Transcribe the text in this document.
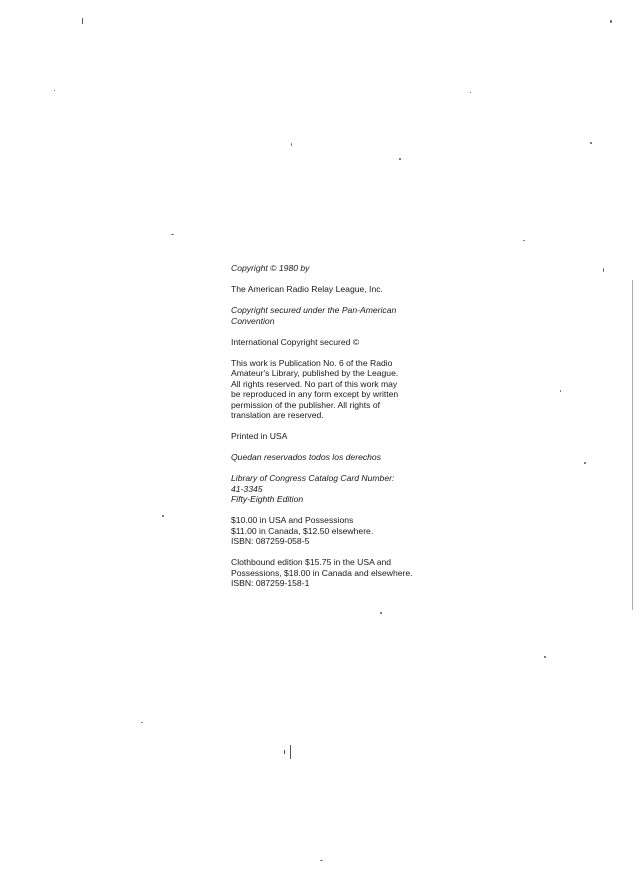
Copyright © 1980 by

The American Radio Relay League, Inc.

Copyright secured under the Pan-American
Convention

International Copyright secured ©

This work is Publication No. 6 of the Radio
Amateur's Library, published by the League.
All rights reserved. No part of this work may
be reproduced in any form except by written
permission of the publisher. All rights of
translation are reserved.

Printed in USA

Quedan reservados todos los derechos

Library of Congress Catalog Card Number:
41-3345
Fifty-Eighth Edition

$10.00 in USA and Possessions
$11.00 in Canada, $12.50 elsewhere.
ISBN: 087259-058-5

Clothbound edition $15.75 in the USA and
Possessions, $18.00 in Canada and elsewhere.
ISBN: 087259-158-1
